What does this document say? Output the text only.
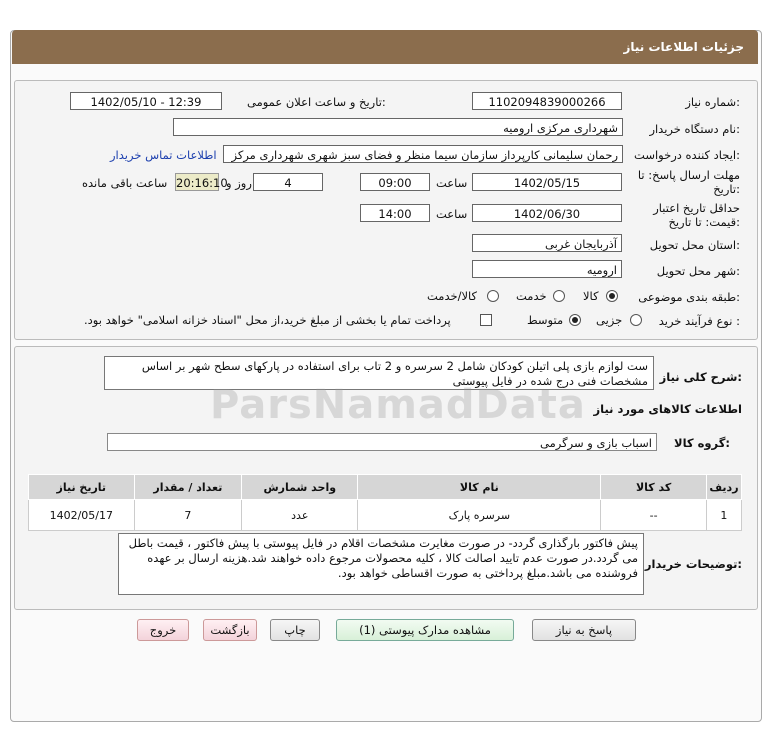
جزئیات اطلاعات نیاز
شماره نیاز:
1102094839000266
تاریخ و ساعت اعلان عمومی:
1402/05/10 - 12:39
نام دستگاه خریدار:
شهرداری مرکزی ارومیه
ایجاد کننده درخواست:
رحمان سلیمانی کارپرداز سازمان سیما منظر و فضای سبز شهری شهرداری مرکز
اطلاعات تماس خریدار
مهلت ارسال پاسخ: تا
تاریخ:
1402/05/15
ساعت
09:00
4
روز و
20:16:10
ساعت باقی مانده
حداقل تاریخ اعتبار
قیمت: تا تاریخ:
1402/06/30
ساعت
14:00
استان محل تحویل:
آذربایجان غربی
شهر محل تحویل:
ارومیه
طبقه بندی موضوعی:
کالا
خدمت
کالا/خدمت
نوع فرآیند خرید :
جزیی
متوسط
پرداخت تمام یا بخشی از مبلغ خرید،از محل "اسناد خزانه اسلامی" خواهد بود.
شرح کلی نیاز:
ست لوازم بازی پلی اتیلن کودکان شامل 2 سرسره و 2 تاب برای استفاده در پارکهای سطح شهر بر اساس مشخصات فنی درج شده در فایل پیوستی
اطلاعات کالاهای مورد نیاز
ParsNamadData
گروه کالا:
اسباب بازی و سرگرمی
ردیف	کد کالا	نام کالا	واحد شمارش	تعداد / مقدار	تاریخ نیاز
1	--	سرسره پارک	عدد	7	1402/05/17
توضیحات خریدار:
پیش فاکتور بارگذاری گردد- در صورت مغایرت مشخصات اقلام در فایل پیوستی با پیش فاکتور ، قیمت باطل می گردد.در صورت عدم تایید اصالت کالا ، کلیه محصولات مرجوع داده خواهند شد.هزینه ارسال بر عهده فروشنده می باشد.مبلغ پرداختی به صورت اقساطی خواهد بود.
پاسخ به نیاز
مشاهده مدارک پیوستی (1)
چاپ
بازگشت
خروج
